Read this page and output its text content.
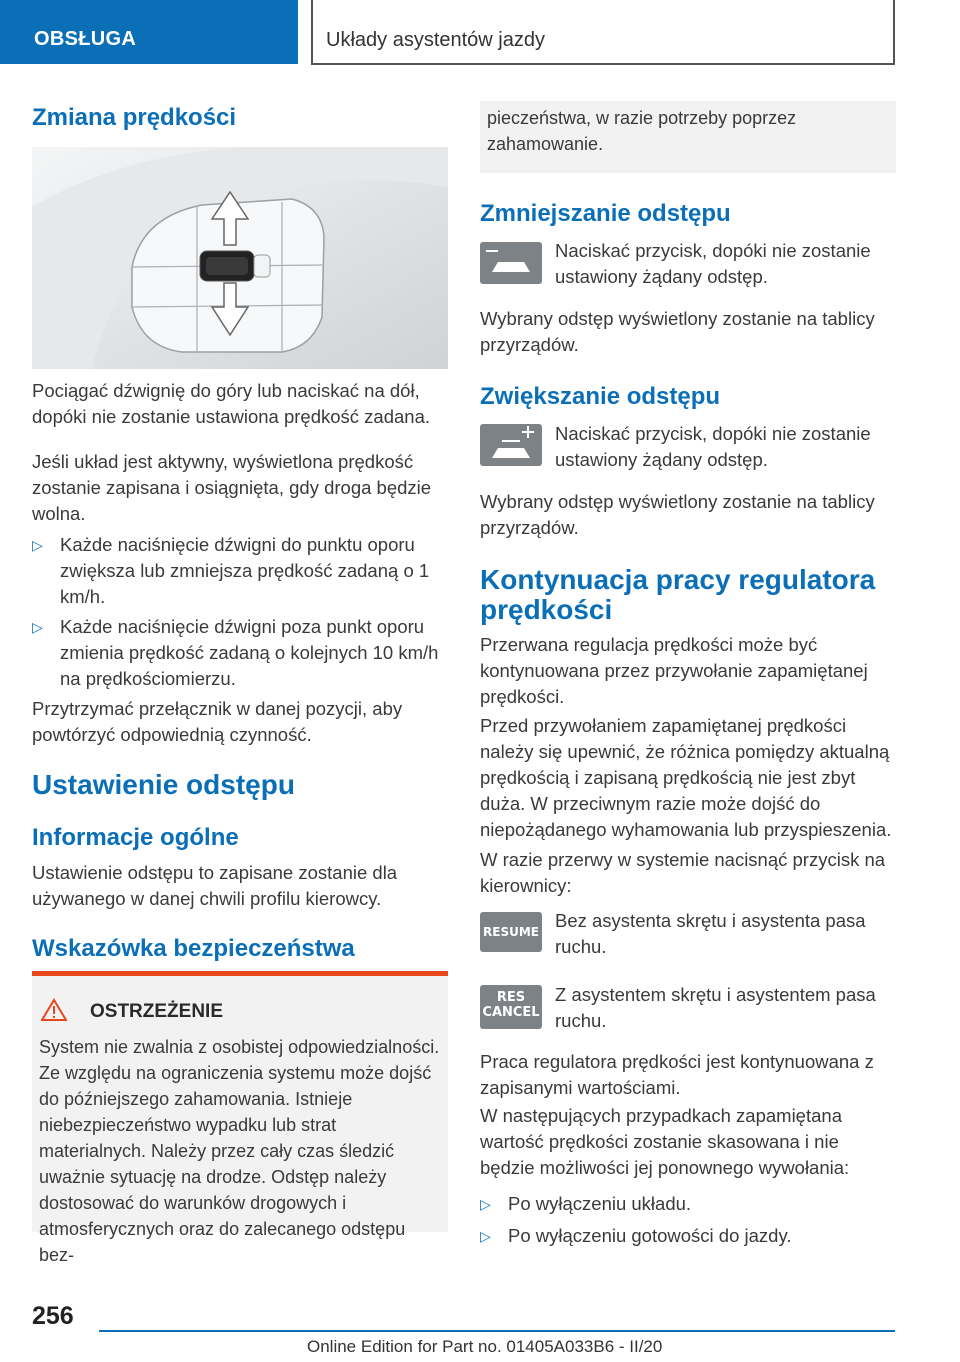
OBSŁUGA	Układy asystentów jazdy
Zmiana prędkości

Pociągać dźwignię do góry lub naciskać na dół, dopóki nie zostanie ustawiona prędkość zadana.

Jeśli układ jest aktywny, wyświetlona prędkość zostanie zapisana i osiągnięta, gdy droga będzie wolna.

▷ Każde naciśnięcie dźwigni do punktu oporu zwiększa lub zmniejsza prędkość zadaną o 1 km/h.
▷ Każde naciśnięcie dźwigni poza punkt oporu zmienia prędkość zadaną o kolejnych 10 km/h na prędkościomierzu.

Przytrzymać przełącznik w danej pozycji, aby powtórzyć odpowiednią czynność.

Ustawienie odstępu
Informacje ogólne

Ustawienie odstępu to zapisane zostanie dla używanego w danej chwili profilu kierowcy.

Wskazówka bezpieczeństwa
OSTRZEŻENIE
System nie zwalnia z osobistej odpowiedzialności. Ze względu na ograniczenia systemu może dojść do późniejszego zahamowania. Istnieje niebezpieczeństwo wypadku lub strat materialnych. Należy przez cały czas śledzić uważnie sytuację na drodze. Odstęp należy dostosować do warunków drogowych i atmosferycznych oraz do zalecanego odstępu bez-
pieczeństwa, w razie potrzeby poprzez zahamowanie.
Zmniejszanie odstępu

Naciskać przycisk, dopóki nie zostanie ustawiony żądany odstęp.

Wybrany odstęp wyświetlony zostanie na tablicy przyrządów.

Zwiększanie odstępu

Naciskać przycisk, dopóki nie zostanie ustawiony żądany odstęp.

Wybrany odstęp wyświetlony zostanie na tablicy przyrządów.

Kontynuacja pracy regulatora prędkości

Przerwana regulacja prędkości może być kontynuowana przez przywołanie zapamiętanej prędkości.

Przed przywołaniem zapamiętanej prędkości należy się upewnić, że różnica pomiędzy aktualną prędkością i zapisaną prędkością nie jest zbyt duża. W przeciwnym razie może dojść do niepożądanego wyhamowania lub przyspieszenia.

W razie przerwy w systemie nacisnąć przycisk na kierownicy:

RESUME

Bez asystenta skrętu i asystenta pasa ruchu.

RES
CANCEL

Z asystentem skrętu i asystentem pasa ruchu.

Praca regulatora prędkości jest kontynuowana z zapisanymi wartościami.

W następujących przypadkach zapamiętana wartość prędkości zostanie skasowana i nie będzie możliwości jej ponownego wywołania:

▷ Po wyłączeniu układu.
▷ Po wyłączeniu gotowości do jazdy.
256
Online Edition for Part no. 01405A033B6 - II/20
